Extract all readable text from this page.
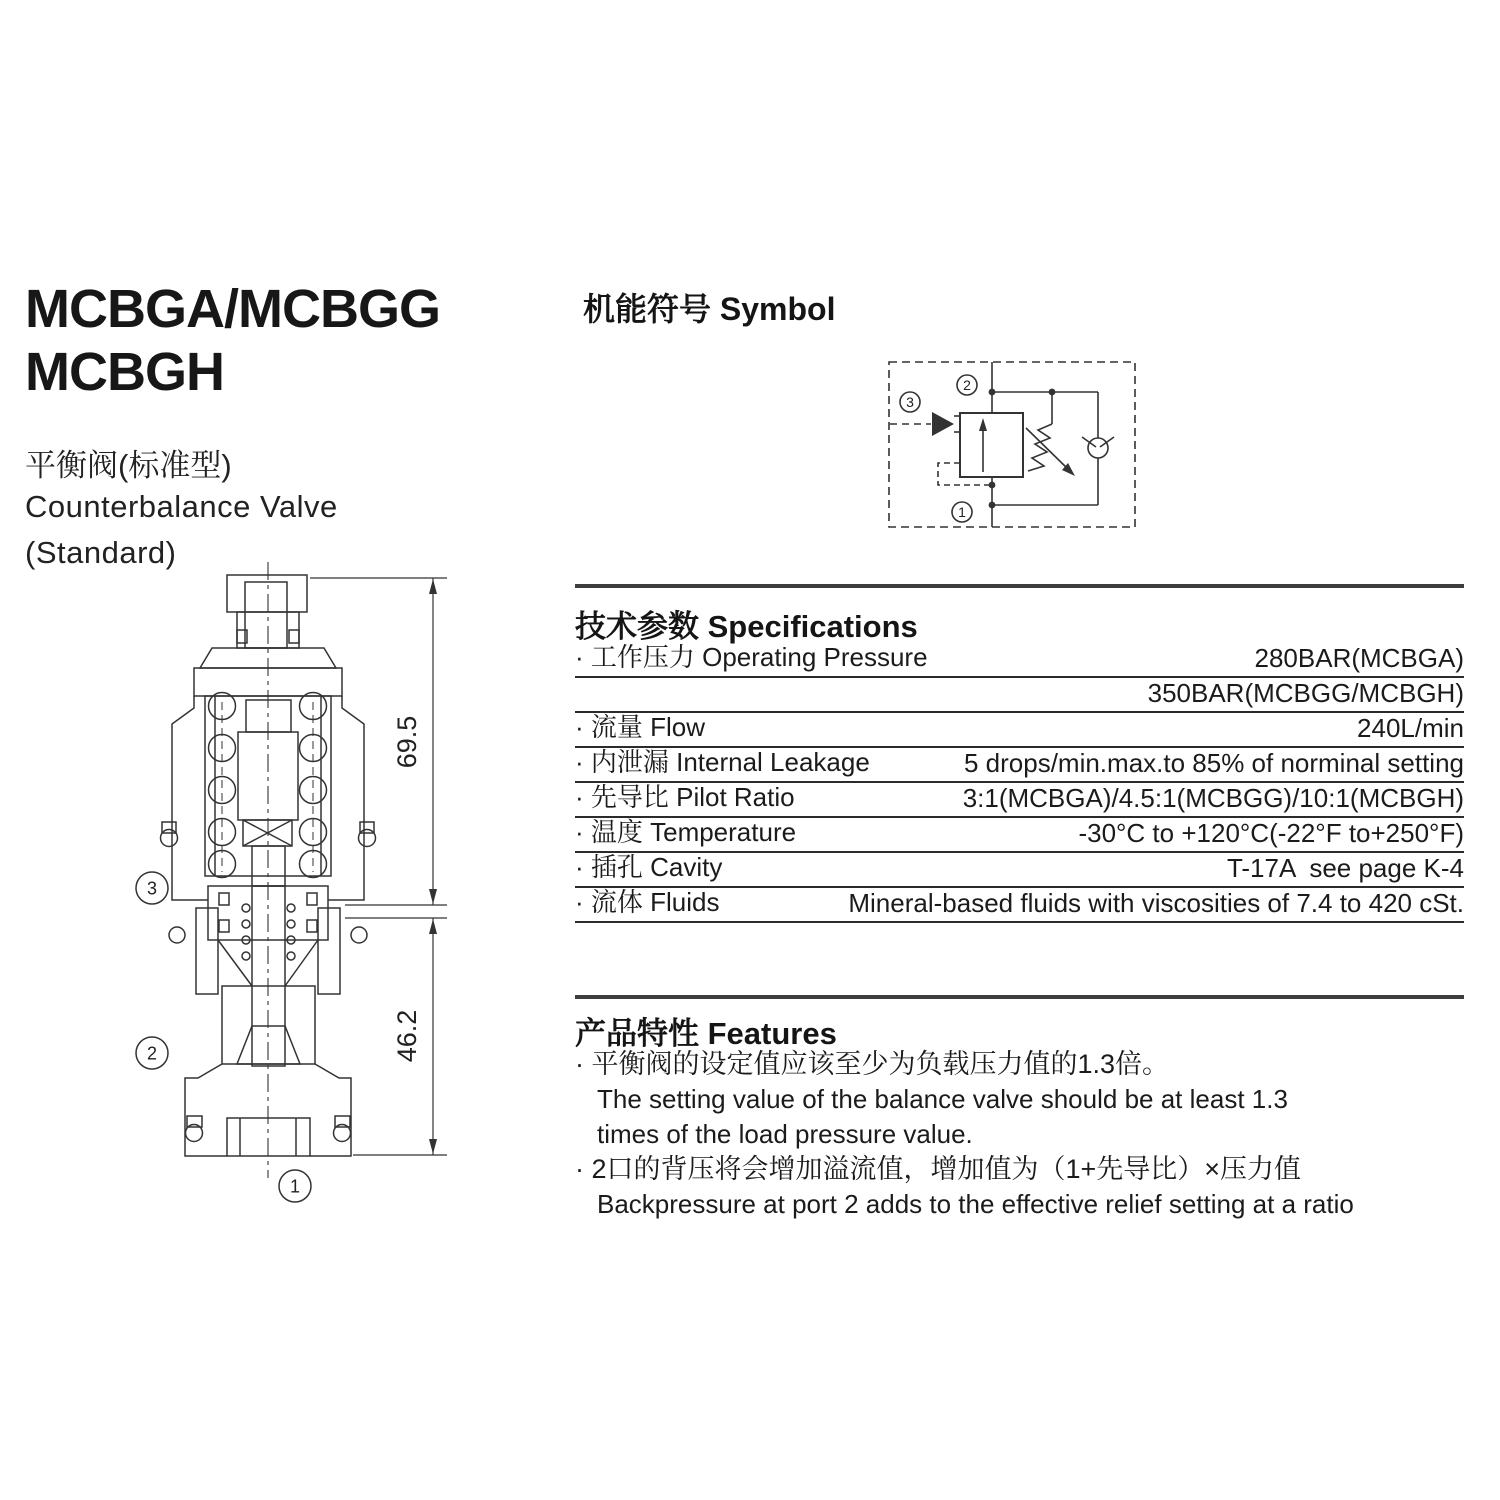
MCBGA/MCBGG
MCBGH
平衡阀(标准型)
Counterbalance Valve
(Standard)
机能符号 Symbol
2
3
1
69.5
46.2
3
2
1
技术参数 Specifications
· 工作压力 Operating Pressure	280BAR(MCBGA)
350BAR(MCBGG/MCBGH)
· 流量 Flow	240L/min
· 内泄漏 Internal Leakage	5 drops/min.max.to 85% of norminal setting
· 先导比 Pilot Ratio	3:1(MCBGA)/4.5:1(MCBGG)/10:1(MCBGH)
· 温度 Temperature	-30°C to +120°C(-22°F to+250°F)
· 插孔 Cavity	T-17A  see page K-4
· 流体 Fluids	Mineral-based fluids with viscosities of 7.4 to 420 cSt.
产品特性 Features
· 平衡阀的设定值应该至少为负载压力值的1.3倍。
The setting value of the balance valve should be at least 1.3
times of the load pressure value.
· 2口的背压将会增加溢流值，增加值为（1+先导比）×压力值
Backpressure at port 2 adds to the effective relief setting at a ratio
